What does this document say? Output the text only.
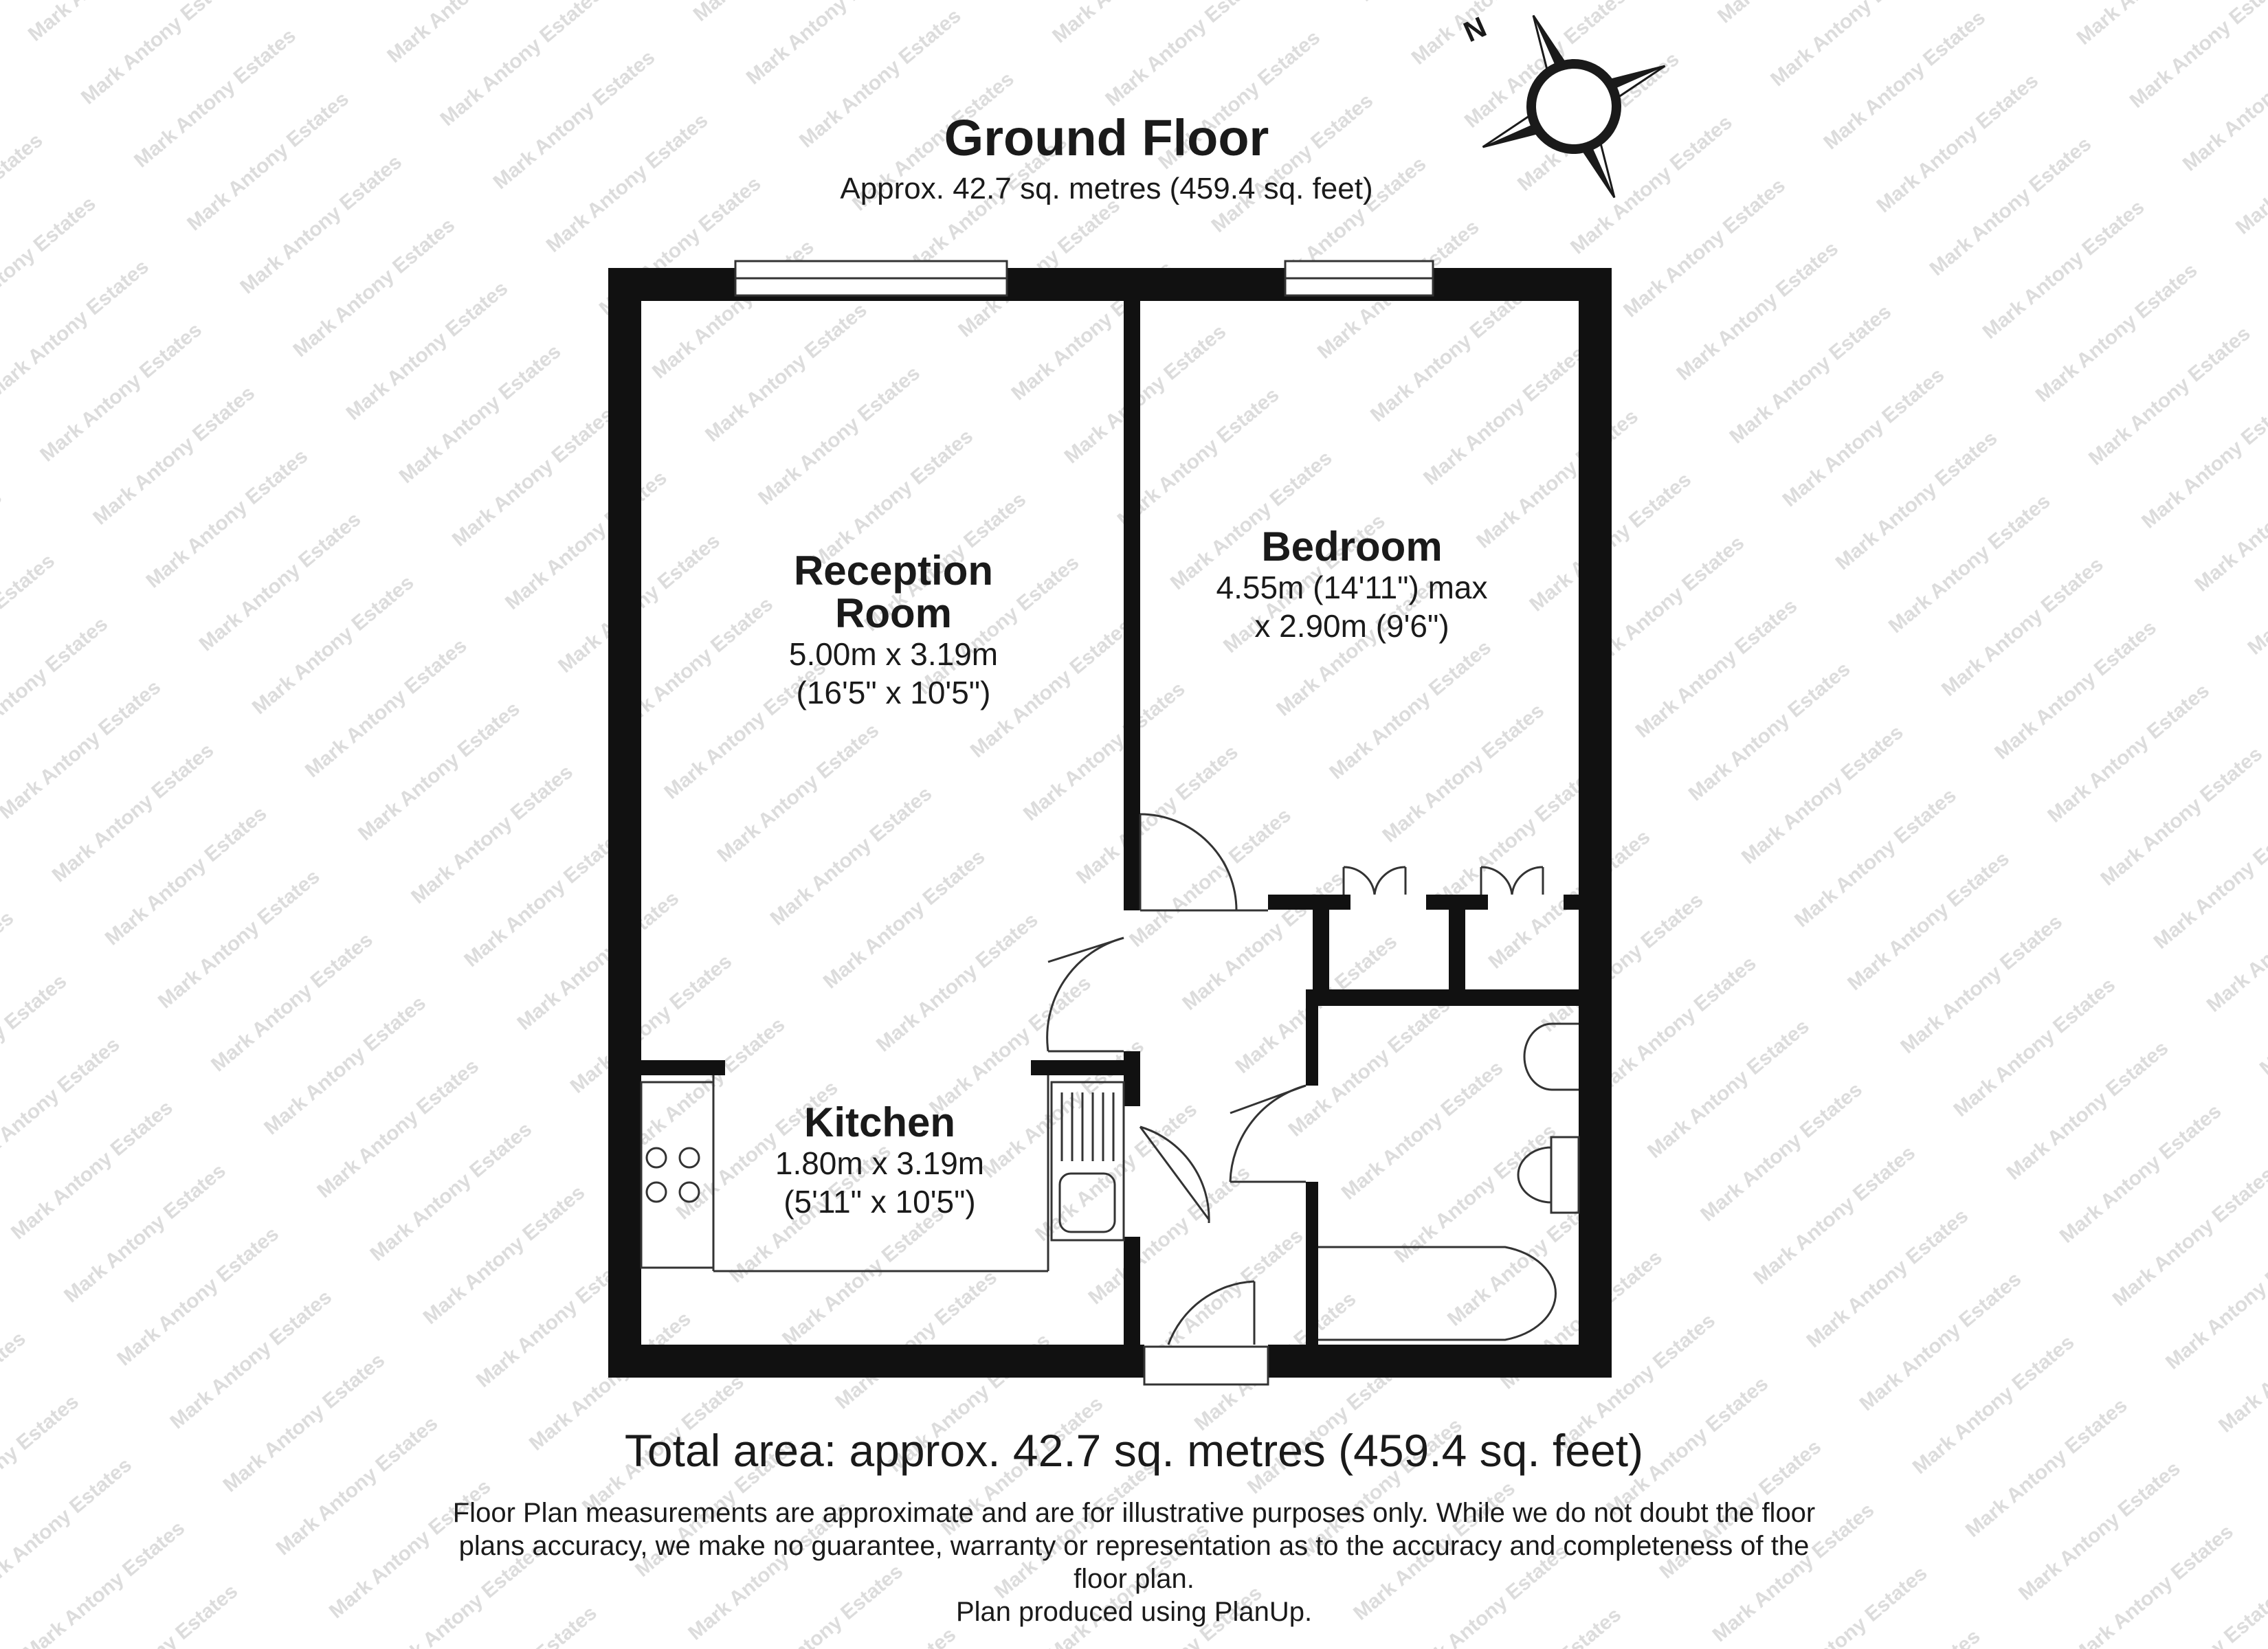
N
Ground Floor
Approx. 42.7 sq. metres (459.4 sq. feet)
Reception
Room
5.00m x 3.19m
(16'5" x 10'5")
Bedroom
4.55m (14'11") max
x 2.90m (9'6")
Kitchen
1.80m x 3.19m
(5'11" x 10'5")
Total area: approx. 42.7 sq. metres (459.4 sq. feet)
Floor Plan measurements are approximate and are for illustrative purposes only. While we do not doubt the floor
plans accuracy, we make no guarantee, warranty or representation as to the accuracy and completeness of the
floor plan.
Plan produced using PlanUp.
